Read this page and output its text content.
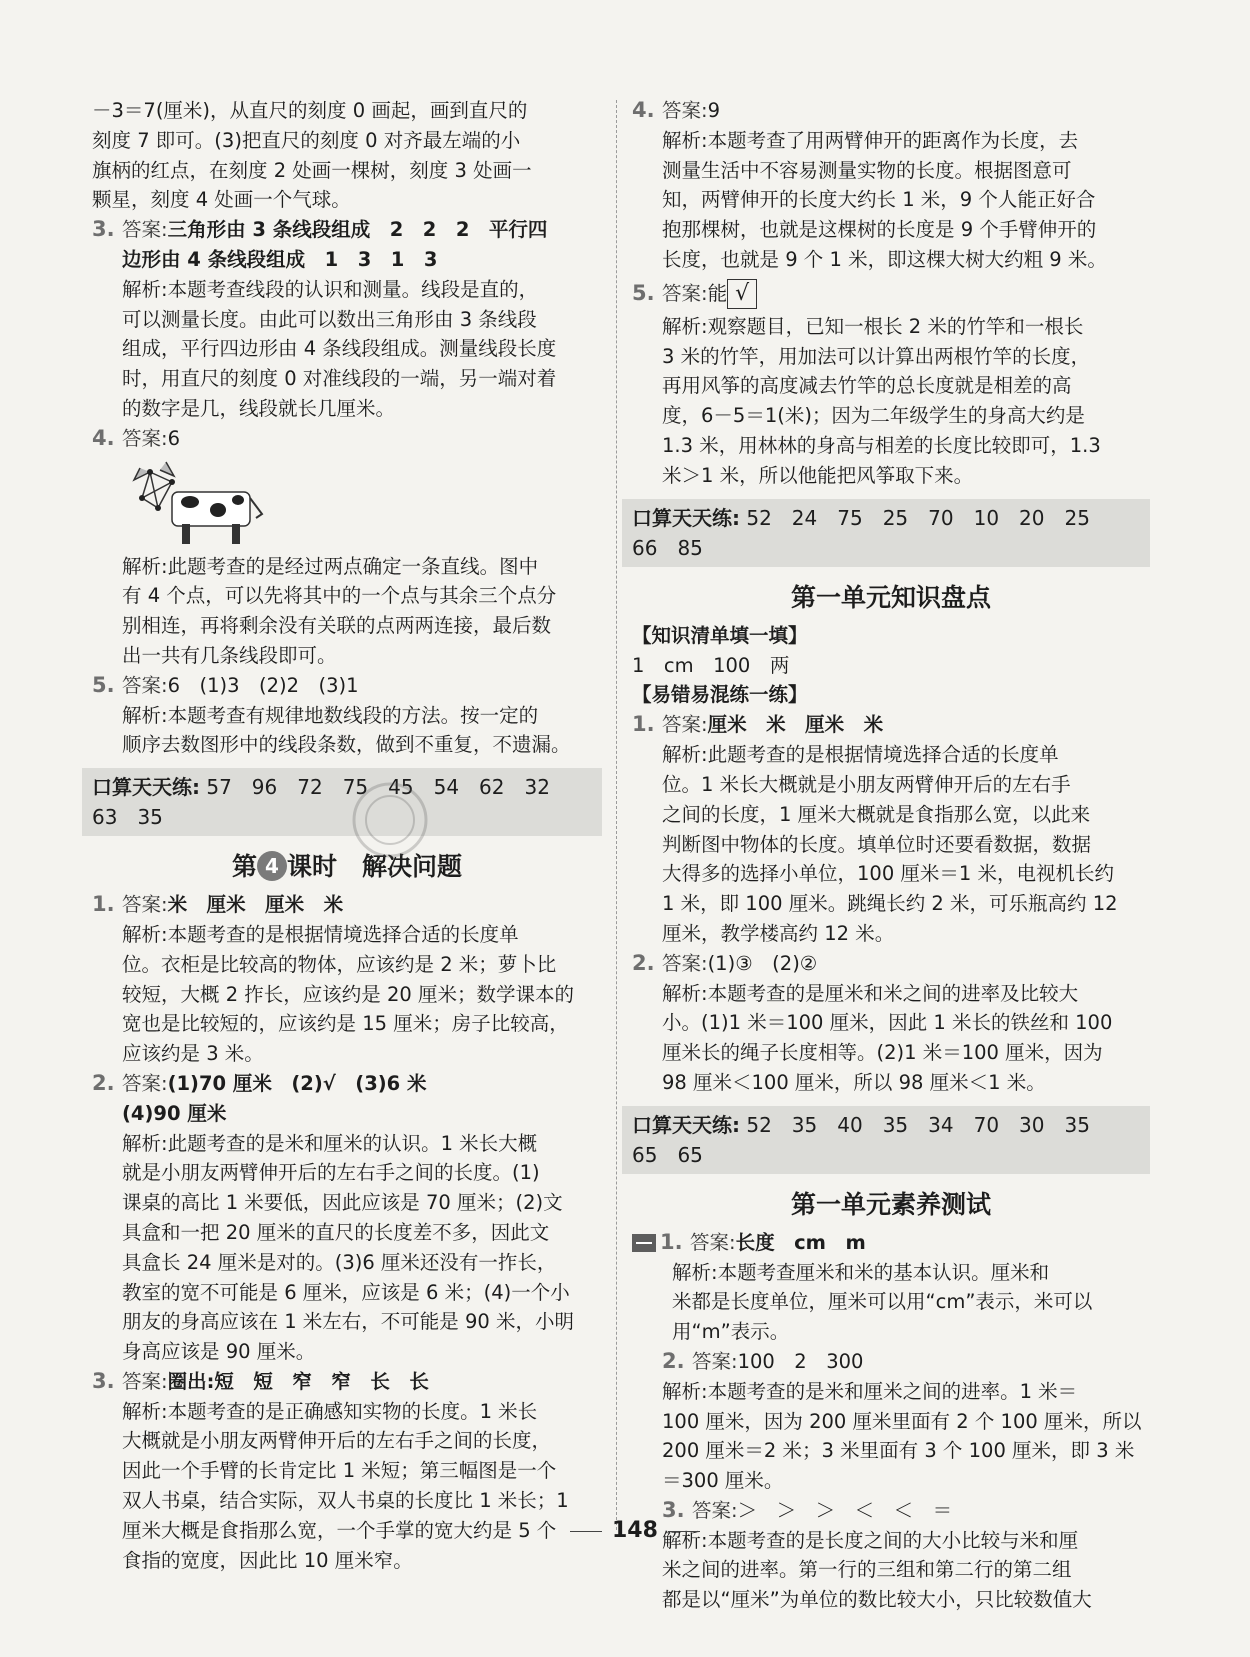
－3＝7(厘米)，从直尺的刻度 0 画起，画到直尺的
刻度 7 即可。(3)把直尺的刻度 0 对齐最左端的小
旗柄的红点，在刻度 2 处画一棵树，刻度 3 处画一
颗星，刻度 4 处画一个气球。
3. 答案:三角形由 3 条线段组成　2　2　2　平行四
边形由 4 条线段组成　1　3　1　3
解析:本题考查线段的认识和测量。线段是直的，
可以测量长度。由此可以数出三角形由 3 条线段
组成，平行四边形由 4 条线段组成。测量线段长度
时，用直尺的刻度 0 对准线段的一端，另一端对着
的数字是几，线段就长几厘米。
4. 答案:6
解析:此题考查的是经过两点确定一条直线。图中
有 4 个点，可以先将其中的一个点与其余三个点分
别相连，再将剩余没有关联的点两两连接，最后数
出一共有几条线段即可。
5. 答案:6　(1)3　(2)2　(3)1
解析:本题考查有规律地数线段的方法。按一定的
顺序去数图形中的线段条数，做到不重复，不遗漏。
口算天天练: 57　96　72　75　45　54　62　32
63　35
第 4 课时　解决问题
1. 答案:米　厘米　厘米　米
解析:本题考查的是根据情境选择合适的长度单
位。衣柜是比较高的物体，应该约是 2 米；萝卜比
较短，大概 2 拃长，应该约是 20 厘米；数学课本的
宽也是比较短的，应该约是 15 厘米；房子比较高，
应该约是 3 米。
2. 答案:(1)70 厘米　(2)√　(3)6 米
(4)90 厘米
解析:此题考查的是米和厘米的认识。1 米长大概
就是小朋友两臂伸开后的左右手之间的长度。(1)
课桌的高比 1 米要低，因此应该是 70 厘米；(2)文
具盒和一把 20 厘米的直尺的长度差不多，因此文
具盒长 24 厘米是对的。(3)6 厘米还没有一拃长，
教室的宽不可能是 6 厘米，应该是 6 米；(4)一个小
朋友的身高应该在 1 米左右，不可能是 90 米，小明
身高应该是 90 厘米。
3. 答案:圈出:短　短　窄　窄　长　长
解析:本题考查的是正确感知实物的长度。1 米长
大概就是小朋友两臂伸开后的左右手之间的长度，
因此一个手臂的长肯定比 1 米短；第三幅图是一个
双人书桌，结合实际，双人书桌的长度比 1 米长；1
厘米大概是食指那么宽，一个手掌的宽大约是 5 个
食指的宽度，因此比 10 厘米窄。
4. 答案:9
解析:本题考查了用两臂伸开的距离作为长度，去
测量生活中不容易测量实物的长度。根据图意可
知，两臂伸开的长度大约长 1 米，9 个人能正好合
抱那棵树，也就是这棵树的长度是 9 个手臂伸开的
长度，也就是 9 个 1 米，即这棵大树大约粗 9 米。
5. 答案:能 √
解析:观察题目，已知一根长 2 米的竹竿和一根长
3 米的竹竿，用加法可以计算出两根竹竿的长度，
再用风筝的高度减去竹竿的总长度就是相差的高
度，6－5＝1(米)；因为二年级学生的身高大约是
1.3 米，用林林的身高与相差的长度比较即可，1.3
米＞1 米，所以他能把风筝取下来。
口算天天练: 52　24　75　25　70　10　20　25
66　85
第一单元知识盘点
【知识清单填一填】
1　cm　100　两
【易错易混练一练】
1. 答案:厘米　米　厘米　米
解析:此题考查的是根据情境选择合适的长度单
位。1 米长大概就是小朋友两臂伸开后的左右手
之间的长度，1 厘米大概就是食指那么宽，以此来
判断图中物体的长度。填单位时还要看数据，数据
大得多的选择小单位，100 厘米＝1 米，电视机长约
1 米，即 100 厘米。跳绳长约 2 米，可乐瓶高约 12
厘米，教学楼高约 12 米。
2. 答案:(1)③　(2)②
解析:本题考查的是厘米和米之间的进率及比较大
小。(1)1 米＝100 厘米，因此 1 米长的铁丝和 100
厘米长的绳子长度相等。(2)1 米＝100 厘米，因为
98 厘米＜100 厘米，所以 98 厘米＜1 米。
口算天天练: 52　35　40　35　34　70　30　35
65　65
第一单元素养测试
1. 答案:长度　cm　m
解析:本题考查厘米和米的基本认识。厘米和
米都是长度单位，厘米可以用“cm”表示，米可以
用“m”表示。
2. 答案:100　2　300
解析:本题考查的是米和厘米之间的进率。1 米＝
100 厘米，因为 200 厘米里面有 2 个 100 厘米，所以
200 厘米＝2 米；3 米里面有 3 个 100 厘米，即 3 米
＝300 厘米。
3. 答案:＞　＞　＞　＜　＜　＝
解析:本题考查的是长度之间的大小比较与米和厘
米之间的进率。第一行的三组和第二行的第二组
都是以“厘米”为单位的数比较大小，只比较数值大
148
